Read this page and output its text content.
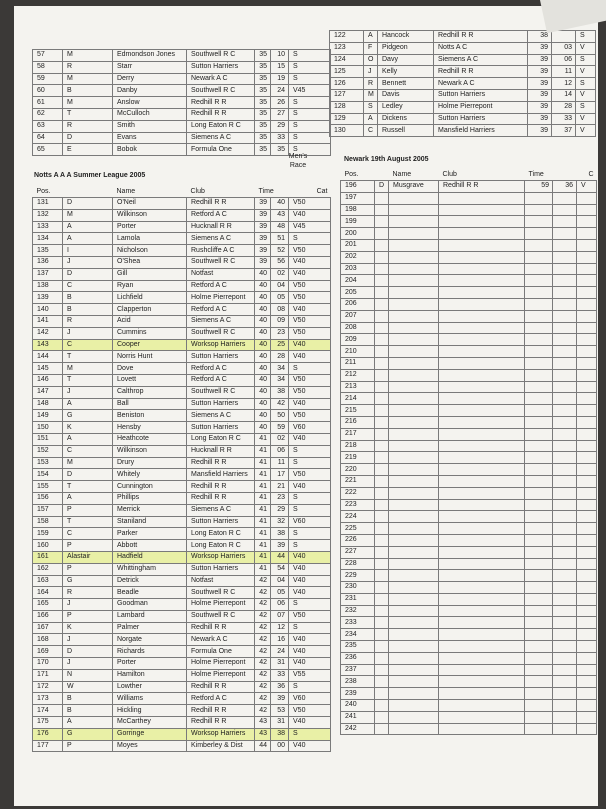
57	M	Edmondson Jones	Southwell R C	35	10	S
58	R	Starr	Sutton Harriers	35	15	S
59	M	Derry	Newark A C	35	19	S
60	B	Danby	Southwell R C	35	24	V45
61	M	Anslow	Redhill R R	35	26	S
62	T	McCulloch	Redhill R R	35	27	S
63	R	Smith	Long Eaton R C	35	29	S
64	D	Evans	Siemens A C	35	33	S
65	E	Bobok	Formula One	35	35	S
Men's Race
122	A	Hancock	Redhill R R	38		S
123	F	Pidgeon	Notts A C	39	03	V
124	O	Davy	Siemens A C	39	06	S
125	J	Kelly	Redhill R R	39	11	V
126	R	Bennett	Newark A C	39	12	S
127	M	Davis	Sutton Harriers	39	14	V
128	S	Ledley	Holme Pierrepont	39	28	S
129	A	Dickens	Sutton Harriers	39	33	V
130	C	Russell	Mansfield Harriers	39	37	V
Notts A A A Summer League 2005
Pos.		Name	Club	Time		Cat
131	D	O'Neil	Redhill R R	39	40	V50
132	M	Wilkinson	Retford A C	39	43	V40
133	A	Porter	Hucknall R R	39	48	V45
134	A	Lamola	Siemens A C	39	51	S
135	I	Nicholson	Rushcliffe A C	39	52	V50
136	J	O'Shea	Southwell R C	39	56	V40
137	D	Gill	Notfast	40	02	V40
138	C	Ryan	Retford A C	40	04	V50
139	B	Lichfield	Holme Pierrepont	40	05	V50
140	B	Clapperton	Retford A C	40	08	V40
141	R	Acid	Siemens A C	40	09	V50
142	J	Cummins	Southwell R C	40	23	V50
143	C	Cooper	Worksop Harriers	40	25	V40
144	T	Norris Hunt	Sutton Harriers	40	28	V40
145	M	Dove	Retford A C	40	34	S
146	T	Lovett	Retford A C	40	34	V50
147	J	Calthrop	Southwell R C	40	38	V50
148	A	Ball	Sutton Harriers	40	42	V40
149	G	Beniston	Siemens A C	40	50	V50
150	K	Hensby	Sutton Harriers	40	59	V60
151	A	Heathcote	Long Eaton R C	41	02	V40
152	C	Wilkinson	Hucknall R R	41	06	S
153	M	Drury	Redhill R R	41	11	S
154	D	Whitely	Mansfield Harriers	41	17	V50
155	T	Cunnington	Redhill R R	41	21	V40
156	A	Phillips	Redhill R R	41	23	S
157	P	Merrick	Siemens A C	41	29	S
158	T	Staniland	Sutton Harriers	41	32	V60
159	C	Parker	Long Eaton R C	41	38	S
160	P	Abbott	Long Eaton R C	41	39	S
161	Alastair	Hadfield	Worksop Harriers	41	44	V40
162	P	Whittingham	Sutton Harriers	41	54	V40
163	G	Detrick	Notfast	42	04	V40
164	R	Beadle	Southwell R C	42	05	V40
165	J	Goodman	Holme Pierrepont	42	06	S
166	P	Lambard	Southwell R C	42	07	V50
167	K	Palmer	Redhill R R	42	12	S
168	J	Norgate	Newark A C	42	16	V40
169	D	Richards	Formula One	42	24	V40
170	J	Porter	Holme Pierrepont	42	31	V40
171	N	Hamilton	Holme Pierrepont	42	33	V55
172	W	Lowther	Redhill R R	42	36	S
173	B	Williams	Retford A C	42	39	V60
174	B	Hickling	Redhill R R	42	53	V50
175	A	McCarthey	Redhill R R	43	31	V40
176	G	Gorringe	Worksop Harriers	43	38	S
177	P	Moyes	Kimberley & Dist	44	00	V40
Newark 19th August 2005
Pos.		Name	Club	Time		C
196	D	Musgrave	Redhill R R	59	36	V
197						
198						
199						
200						
201						
202						
203						
204						
205						
206						
207						
208						
209						
210						
211						
212						
213						
214						
215						
216						
217						
218						
219						
220						
221						
222						
223						
224						
225						
226						
227						
228						
229						
230						
231						
232						
233						
234						
235						
236						
237						
238						
239						
240						
241						
242						
